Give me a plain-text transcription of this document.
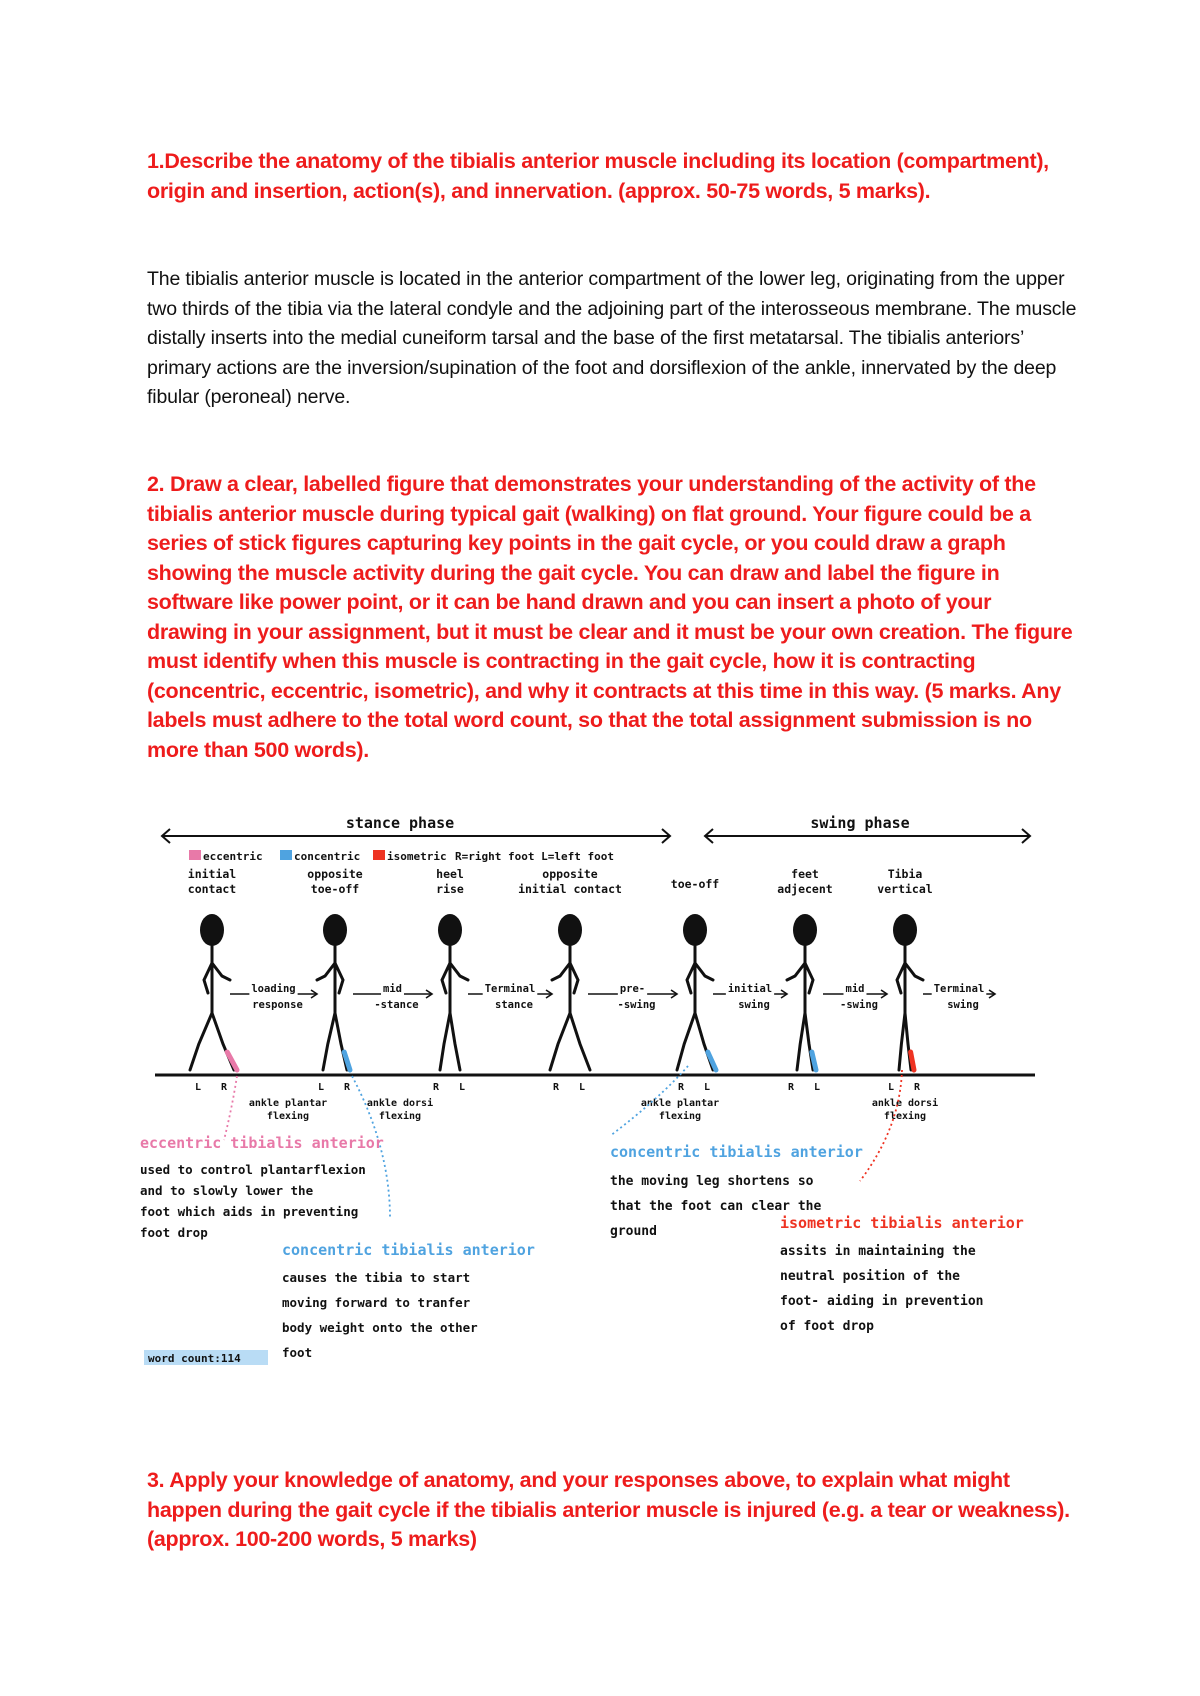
1.Describe the anatomy of the tibialis anterior muscle including its location (compartment), origin and insertion, action(s), and innervation. (approx. 50-75 words, 5 marks).

The tibialis anterior muscle is located in the anterior compartment of the lower leg, originating from the upper two thirds of the tibia via the lateral condyle and the adjoining part of the interosseous membrane. The muscle distally inserts into the medial cuneiform tarsal and the base of the first metatarsal. The tibialis anteriors’ primary actions are the inversion/supination of the foot and dorsiflexion of the ankle, innervated by the deep fibular (peroneal) nerve.

2. Draw a clear, labelled figure that demonstrates your understanding of the activity of the tibialis anterior muscle during typical gait (walking) on flat ground. Your figure could be a series of stick figures capturing key points in the gait cycle, or you could draw a graph showing the muscle activity during the gait cycle. You can draw and label the figure in software like power point, or it can be hand drawn and you can insert a photo of your drawing in your assignment, but it must be clear and it must be your own creation. The figure must identify when this muscle is contracting in the gait cycle, how it is contracting (concentric, eccentric, isometric), and why it contracts at this time in this way. (5 marks. Any labels must adhere to the total word count, so that the total assignment submission is no more than 500 words).

stance phase	swing phase
eccentric	concentric isometric R=right foot L=left foot
initial
contact
L R
loading
response
opposite
toe-off
L R
mid
-stance
heel
rise
R L
Terminal
stance
opposite
initial contact
R L
pre-
-swing
toe-off
R L
initial
swing
feet
adjecent
R L
mid
-swing
Tibia
vertical
L R
Terminal
swing
ankle plantar
flexing
ankle dorsi
flexing
ankle plantar
flexing
ankle dorsi
flexing
eccentric tibialis anterior
used to control plantarflexion
and to slowly lower the
foot which aids in preventing
foot drop
concentric tibialis anterior
causes the tibia to start
moving forward to tranfer
body weight onto the other
foot
concentric tibialis anterior
the moving leg shortens so
that the foot can clear the
ground	isometric tibialis anterior
assits in maintaining the
neutral position of the
foot- aiding in prevention
of foot drop
word count:114

3. Apply your knowledge of anatomy, and your responses above, to explain what might happen during the gait cycle if the tibialis anterior muscle is injured (e.g. a tear or weakness). (approx. 100-200 words, 5 marks)
